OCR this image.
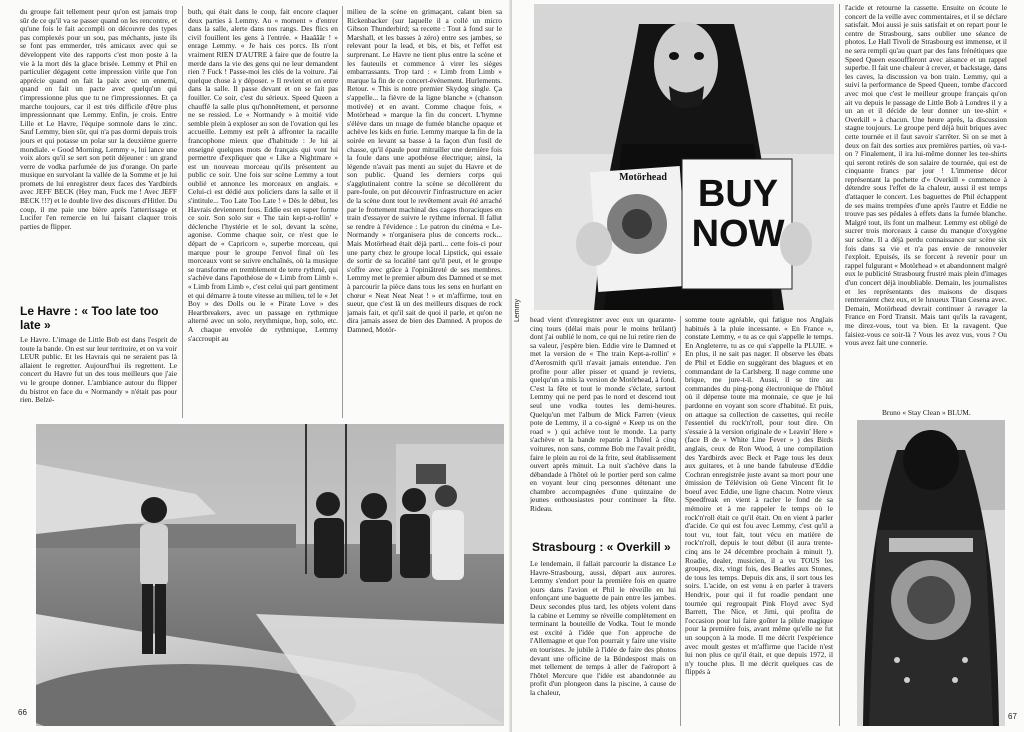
du groupe fait tellement peur qu'on est jamais trop sûr de ce qu'il va se passer quand on les rencontre, et qu'une fois le fait accompli on découvre des types pas complexés pour un sou, pas méchants, juste ils se font pas emmerder, très amicaux avec qui se développent vite des rapports c'est mon poste à la vie à la mort dès la glace brisée. Lemmy et Phil en particulier dégagent cette impression virile que l'on apprécie quand on fait la paix avec un ennemi, quand on fait un pacte avec quelqu'un qui t'impressionne plus que tu ne t'impressionnes. Et ça marche toujours, car il est très difficile d'être plus impressionnant que Lemmy. Enfin, je crois. Entre Lille et Le Havre, l'équipe somnole dans le zinc. Sauf Lemmy, bien sûr, qui n'a pas dormi depuis trois jours et qui potasse un polar sur la deuxième guerre mondiale. « Good Morning, Lemmy », lui lance une voix alors qu'il se sert son petit déjeuner : un grand verre de vodka parfumée de jus d'orange. On parle musique en survolant la vallée de la Somme et je lui promets de lui enregistrer deux faces des Yardbirds avec JEFF BECK (Hey man, Fuck me ! Avec JEFF BECK !!?) et le double live des discours d'Hitler. Du coup, il me paie une bière après l'atterrissage et Lucifer l'en remercie en lui faisant claquer trois parties de flipper.

Le Havre : « Too late too late »

Le Havre. L'image de Little Bob est dans l'esprit de toute la bande. On est sur leur territoire, et on va voir LEUR public. Et les Havrais qui ne seraient pas là allaient le regretter. Aujourd'hui ils regrettent. Le concert du Havre fut un des tous meilleurs que j'aie vu le groupe donner. L'ambiance autour du flipper du bistrot en face du « Normandy » n'était pas pour rien. Belzé-

buth, qui était dans le coup, fait encore claquer deux parties à Lemmy. Au « moment » d'entrer dans la salle, alerte dans nos rangs. Des flics en civil fouillent les gens à l'entrée. « Haaâââr ! » enrage Lemmy. « Je hais ces porcs. Ils n'ont vraiment RIEN D'AUTRE à faire que de foutre la merde dans la vie des gens qui ne leur demandent rien ? Fuck ! Passe-moi les clés de la voiture. J'ai quelque chose à y déposer. » Il revient et on entre dans la salle. Il passe devant et on se fait pas fouiller. Ce soir, c'est du sérieux. Speed Queen a chauffé la salle plus qu'honnêtement, et personne ne se ressied. Le « Normandy » à moitié vide semble plein à exploser au son de l'ovation qui les accueille. Lemmy est prêt à affronter la racaille francophone mieux que d'habitude : Je lui ai enseigné quelques mots de français qui vont lui permettre d'expliquer que « Like a Nightmare » est un nouveau morceau qu'ils présentent au public ce soir. Une fois sur scène Lemmy a tout oublié et annonce les morceaux en anglais. « Celui-ci est dédié aux policiers dans la salle et il s'intitule... Too Late Too Late ! » Dès le début, les Havrais deviennent fous. Eddie est en super forme ce soir. Son solo sur « The tain kept-a-rollin' » déclenche l'hystérie et le sol, devant la scène, agonise. Comme chaque soir, ce n'est que le départ de « Capricorn », superbe morceau, qui marque pour le groupe l'envol final où les morceaux vont se suivre enchaînés, où la musique se transforme en tremblement de terre rythmé, qui s'achève dans l'apothéose de « Limb from Limb ». « Limb from Limb », c'est celui qui part gentiment et qui démarre à toute vitesse au milieu, tel le « Jet Boy » des Dolls ou le « Pirate Love » des Heartbreakers, avec un passage en rythmique alterné avec un solo, rerythmique, hop, solo, etc. A chaque envolée de rythmique, Lemmy s'accroupit au

milieu de la scène en grimaçant, calant bien sa Rickenbacker (sur laquelle il a collé un micro Gibson Thunderbird; sa recette : Tout à fond sur le Marshall, et les basses à zéro) entre ses jambes, se relevant pour la lead, et bis, et bis, et l'effet est surprenant. Le Havre ne tient plus entre la scène et les fauteuils et commence à virer les sièges embarrassants. Trop tard : « Limb from Limb » marque la fin de ce concert-événement. Hurlements. Retour. « This is notre premier Skydog single. Ça s'appelle... la fièvre de la ligne blanche » (chanson motivée) et en avant. Comme chaque fois, « Motörhead » marque la fin du concert. L'hymne s'élève dans un nuage de fumée blanche opaque et achève les kids en furie. Lemmy marque la fin de la soirée en levant sa basse à la façon d'un fusil de chasse, qu'il épaule pour mitrailler une dernière fois la foule dans une apothéose électrique; ainsi, la légende n'avait pas menti au sujet du Havre et de son public. Quand les derniers corps qui s'agglutinaient contre la scène se décollèrent du pare-foule, on put découvrir l'infrastructure en acier de la scène dont tout le revêtement avait été arraché par le frottement machinal des cages thoraciques en train d'essayer de suivre le rythme infernal. Il fallut se rendre à l'évidence : Le patron du cinéma « Le-Normandy » n'organisera plus de concerts rock... Mais Motörhead était déjà parti... cette fois-ci pour une party chez le groupe local Lipstick, qui essaie de sortir de sa localité tant qu'il peut, et le groupe s'offre avec grâce à l'opiniâtreté de ses membres. Lemmy met le premier album des Damned et se met à parcourir la pièce dans tous les sens en hurlant en chœur « Neat Neat Neat ! » et m'affirme, tout en sueur, que c'est là un des meilleurs disques de rock jamais fait, et qu'il sait de quoi il parle, et qu'on ne dira jamais assez de bien des Damned. A propos de Damned, Motör-

66
Motörhead BUY NOW
Lemmy head vient d'enregistrer avec eux un quarante-cinq tours (délai mais pour le moins brûlant) dont j'ai oublié le nom, ce qui ne lui retire rien de sa valeur, j'espère bien. Eddie vire le Damned et met la version de « The train Kept-a-rollin' » d'Aerosmith qu'il n'avait jamais entendue. J'en profite pour aller pisser et quand je reviens, quelqu'un a mis la version de Motörhead, à fond. C'est la fête et tout le monde s'éclate, surtout Lemmy qui ne perd pas le nord et descend tout seul une vodka toutes les demi-heures. Quelqu'un met l'album de Mick Farren (vieux pote de Lemmy, il a co-signé « Keep us on the road » ) qui achève tout le monde. La party s'achève et la bande repatrie à l'hôtel à cinq voitures, non sans, comme Bob me l'avait prédit, faire le plein au roi de la frite, seul établissement ouvert après minuit. La nuit s'achève dans la débandade à l'hôtel où le portier perd son calme en voyant leur cinq personnes détenant une chambre accompagnées d'une quinzaine de jeunes enthousiastes pour continuer la fête. Rideau.

Strasbourg : « Overkill »

Le lendemain, il fallait parcourir la distance Le Havre-Strasbourg, aussi, départ aux aurores. Lemmy s'endort pour la première fois en quatre jours dans l'avion et Phil le réveille en lui enfonçant une baguette de pain entre les jambes. Deux secondes plus tard, les objets volent dans la cabine et Lemmy se réveille complètement en terminant la bouteille de Vodka. Tout le monde est excité à l'idée que l'on approche de l'Allemagne et que l'on pourrait y faire une visite en touristes. Je jubile à l'idée de faire des photos devant une officine de la Bündespost mais on met tellement de temps à aller de l'aéroport à l'hôtel Mercure que l'idée est abandonnée au profit d'un plongeon dans la piscine, à cause de la chaleur,

somme toute agréable, qui fatigue nos Anglais habitués à la pluie incessante. « En France », constate Lemmy, « tu as ce qui s'appelle le temps. En Angleterre, tu as ce qui s'appelle la PLUIE. » En plus, il ne sait pas nager. Il observe les ébats de Phil et Eddie en suggérant des blagues et en commandant de la Carlsberg. Il nage comme une brique, me jure-t-il. Aussi, il se tire au commandes du ping-pong électronique de l'hôtel où il dépense toute ma monnaie, ce que je lui pardonne en voyant son score d'habitué. Et puis, on attaque sa collection de cassettes, qui recèle l'essentiel du rock'n'roll, pour tout dire. On s'essaie à la version originale de « Leavin' Here » (face B de « White Line Fever » ) des Birds anglais, ceux de Ron Wood, à une compilation des Yardbirds avec Beck et Page tous les deux aux guitares, et à une bande fabuleuse d'Eddie Cochran enregistrée juste avant sa mort pour une émission de Télévision où Gene Vincent fit le boeuf avec Eddie, une ligne chacun. Notre vieux Speedfreak en vient à racler le fond de sa mémoire et à me rappeler le temps où le rock'n'roll était ce qu'il était. On en vient à parler d'acide. Ce qui est fou avec Lemmy, c'est qu'il a tout vu, tout fait, tout vécu en matière de rock'n'roll, depuis le tout début (il aura trente-cinq ans le 24 décembre prochain à minuit !). Roadie, dealer, musicien, il a vu TOUS les groupes, dix, vingt fois, des Beatles aux Stones, de tous les temps. Depuis dix ans, il sort tous les soirs. L'acide, on est venu à en parler à travers Hendrix, pour qui il fut roadie pendant une tournée qui regroupait Pink Floyd avec Syd Barrett, The Nice, et Jimi, qui profita de l'occasion pour lui faire goûter la pilule magique pour la première fois, avant même qu'elle ne fut un soupçon à la mode. Il me décrit l'expérience avec moult gestes et m'affirme que l'acide n'est lui non plus ce qu'il était, et que depuis 1972, il n'y touche plus. Il me décrit quelques cas de flippés à

l'acide et retourne la cassette. Ensuite on écoute le concert de la veille avec commentaires, et il se déclare satisfait. Moi aussi je suis satisfait et on repart pour le centre de Strasbourg, sans oublier une séance de photos. Le Hall Tivoli de Strasbourg est immense, et il ne sera rempli qu'au quart par des fans frénétiques que Speed Queen essouffleront avec aisance et un rappel superbe. Il fait une chaleur à crever, et backstage, dans les caves, la discussion va bon train. Lemmy, qui a suivi la performance de Speed Queen, tombe d'accord avec moi que c'est le meilleur groupe français qu'on ait vu depuis le passage de Little Bob à Londres il y a un an et il décide de leur donner un tee-shirt « Overkill » à chacun. Une heure après, la discussion stagne toujours. Le groupe perd déjà huit briques avec cette tournée et il faut savoir s'arrêter. Si on se met à deux on fait des sorties aux premières parties, où va-t-on ? Finalement, il ira lui-même donner les tee-shirts qui seront retirés de son salaire de tournée, qui est de cinquante francs par jour ! L'immense décor représentant la pochette d'« Overkill » commence à détendre sous l'effet de la chaleur, aussi il est temps d'attaquer le concert. Les baguettes de Phil échappent de ses mains trempées d'une après l'autre et Eddie ne trouve pas ses pédales à effets dans la fumée blanche. Malgré tout, ils font un malheur. Lemmy est obligé de sucrer trois morceaux à cause du manque d'oxygène sur scène. Il a déjà perdu connaissance sur scène six fois dans sa vie et n'a pas envie de renouveler l'exploit. Epuisés, ils se forcent à revenir pour un rappel fulgurant « Motörhead » et abandonnent malgré eux le publicité Strasbourg frustré mais plein d'images d'un concert déjà inoubliable. Demain, les journalistes et les représentants des maisons de disques rentreraient chez eux, et le luxueux Titan Cesena avec. Demain, Motörhead devrait continuer à ravager la France en Ford Transit. Mais tant qu'ils la ravagent, me direz-vous, tout va bien. Et la ravagent. Que faisiez-vous ce soir-là ? Vous les avez vus, vous ? Ou vous avez fait une connerie.

Bruno « Stay Clean » BLUM.
67
